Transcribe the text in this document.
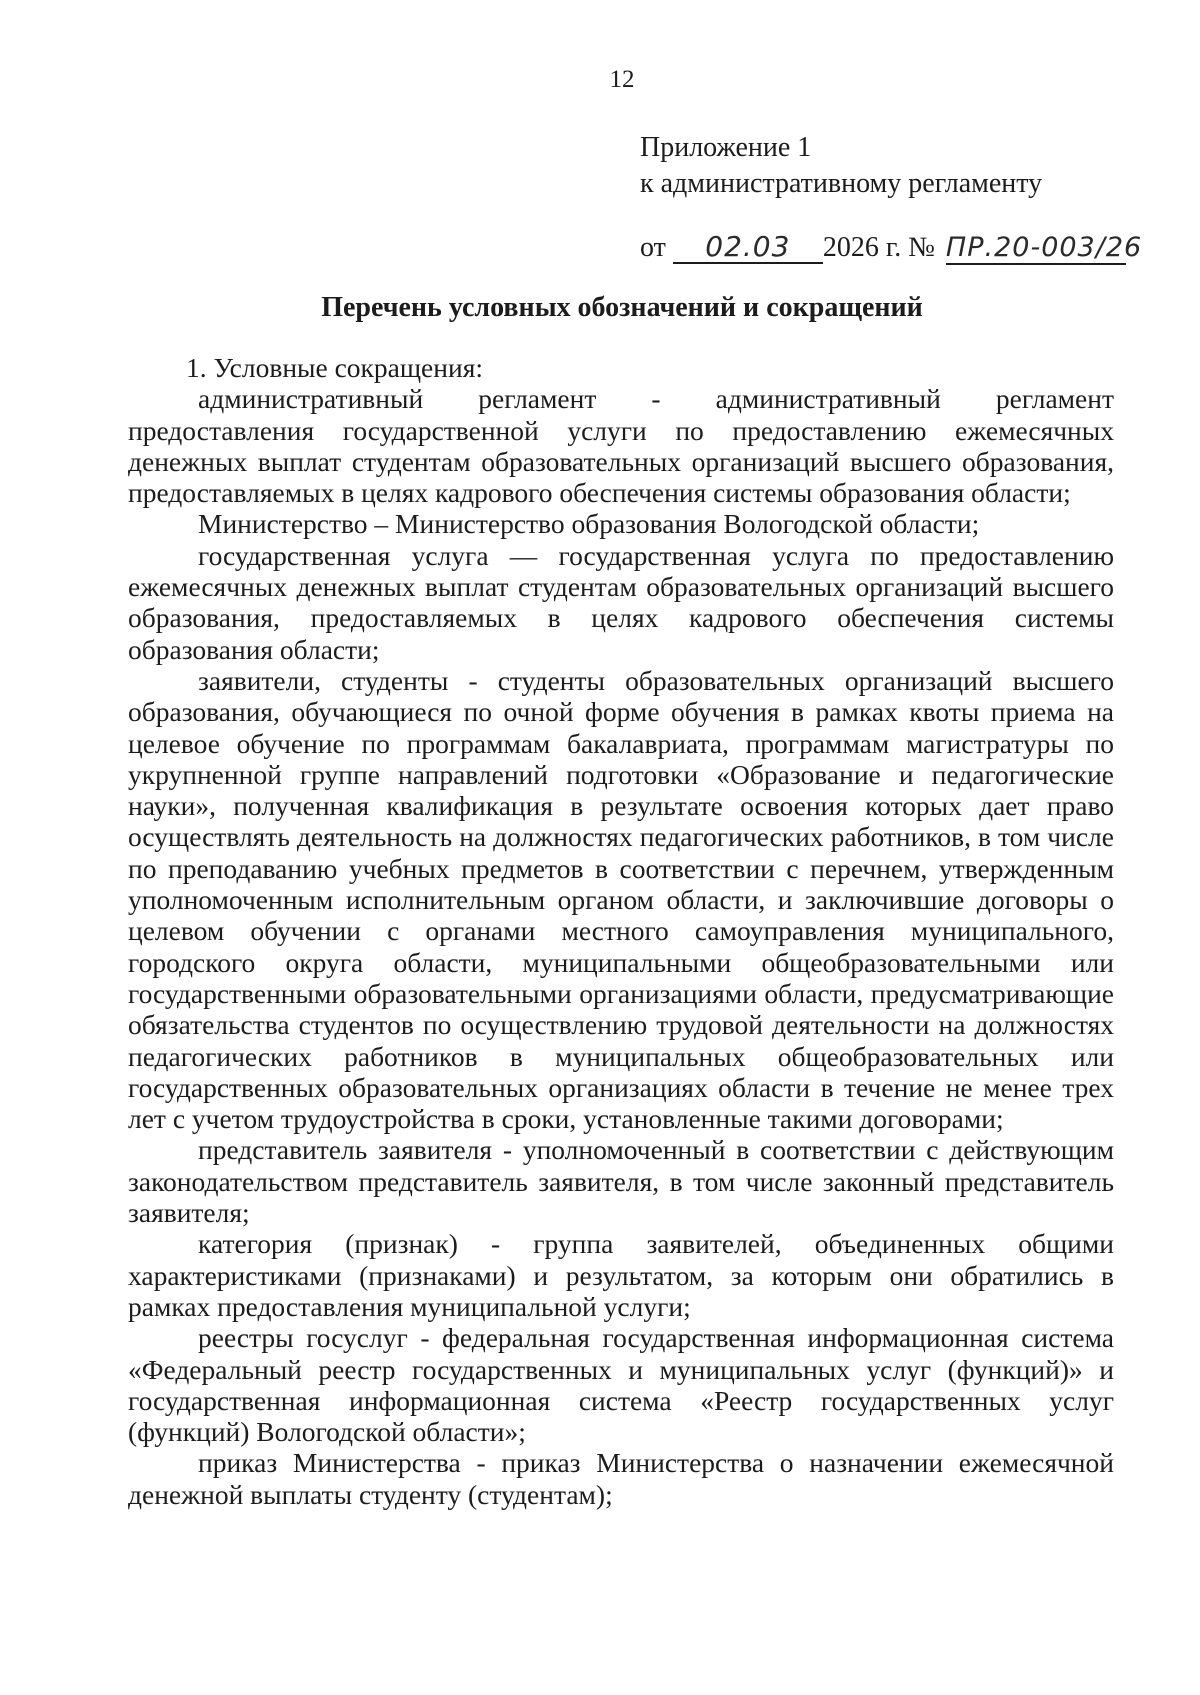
12
Приложение 1
к административному регламенту
от 02.03 2026 г. № ПР.20-003/26
Перечень условных обозначений и сокращений

1. Условные сокращения:

административный регламент - административный регламент предоставления государственной услуги по предоставлению ежемесячных денежных выплат студентам образовательных организаций высшего образования, предоставляемых в целях кадрового обеспечения системы образования области;

Министерство – Министерство образования Вологодской области;

государственная услуга — государственная услуга по предоставлению ежемесячных денежных выплат студентам образовательных организаций высшего образования, предоставляемых в целях кадрового обеспечения системы образования области;

заявители, студенты - студенты образовательных организаций высшего образования, обучающиеся по очной форме обучения в рамках квоты приема на целевое обучение по программам бакалавриата, программам магистратуры по укрупненной группе направлений подготовки «Образование и педагогические науки», полученная квалификация в результате освоения которых дает право осуществлять деятельность на должностях педагогических работников, в том числе по преподаванию учебных предметов в соответствии с перечнем, утвержденным уполномоченным исполнительным органом области, и заключившие договоры о целевом обучении с органами местного самоуправления муниципального, городского округа области, муниципальными общеобразовательными или государственными образовательными организациями области, предусматривающие обязательства студентов по осуществлению трудовой деятельности на должностях педагогических работников в муниципальных общеобразовательных или государственных образовательных организациях области в течение не менее трех лет с учетом трудоустройства в сроки, установленные такими договорами;

представитель заявителя - уполномоченный в соответствии с действующим законодательством представитель заявителя, в том числе законный представитель заявителя;

категория (признак) - группа заявителей, объединенных общими характеристиками (признаками) и результатом, за которым они обратились в рамках предоставления муниципальной услуги;

реестры госуслуг - федеральная государственная информационная система «Федеральный реестр государственных и муниципальных услуг (функций)» и государственная информационная система «Реестр государственных услуг (функций) Вологодской области»;

приказ Министерства - приказ Министерства о назначении ежемесячной денежной выплаты студенту (студентам);
